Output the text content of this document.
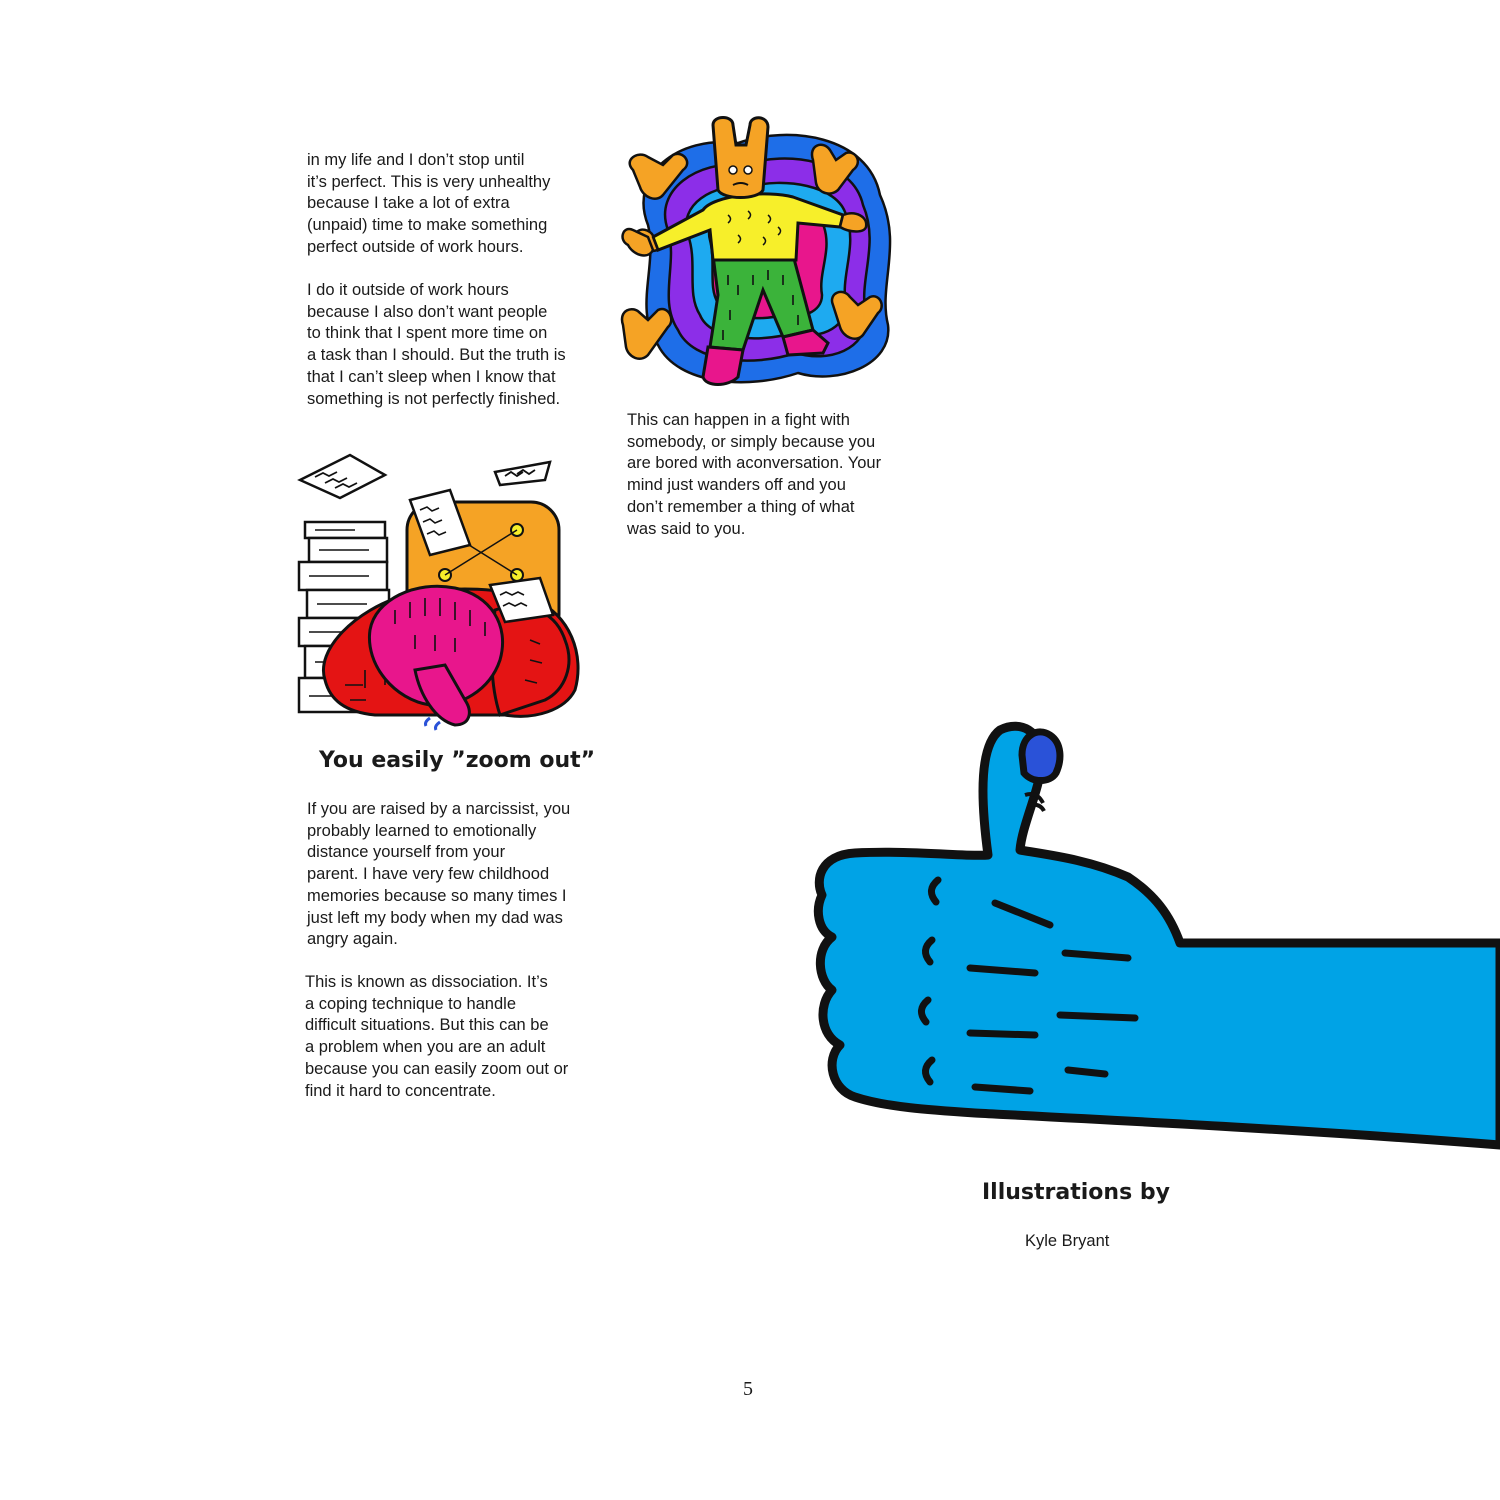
in my life and I don’t stop until
it’s perfect. This is very unhealthy
because I take a lot of extra
(unpaid) time to make something
perfect outside of work hours.

I do it outside of work hours
because I also don’t want people
to think that I spent more time on
a task than I should. But the truth is
that I can’t sleep when I know that
something is not perfectly finished.

You easily ”zoom out”

If you are raised by a narcissist, you
probably learned to emotionally
distance yourself from your
parent. I have very few childhood
memories because so many times I
just left my body when my dad was
angry again.

This is known as dissociation. It’s
a coping technique to handle
difficult situations. But this can be
a problem when you are an adult
because you can easily zoom out or
find it hard to concentrate.

This can happen in a fight with
somebody, or simply because you
are bored with aconversation. Your
mind just wanders off and you
don’t remember a thing of what
was said to you.

Illustrations by

Kyle Bryant

5
